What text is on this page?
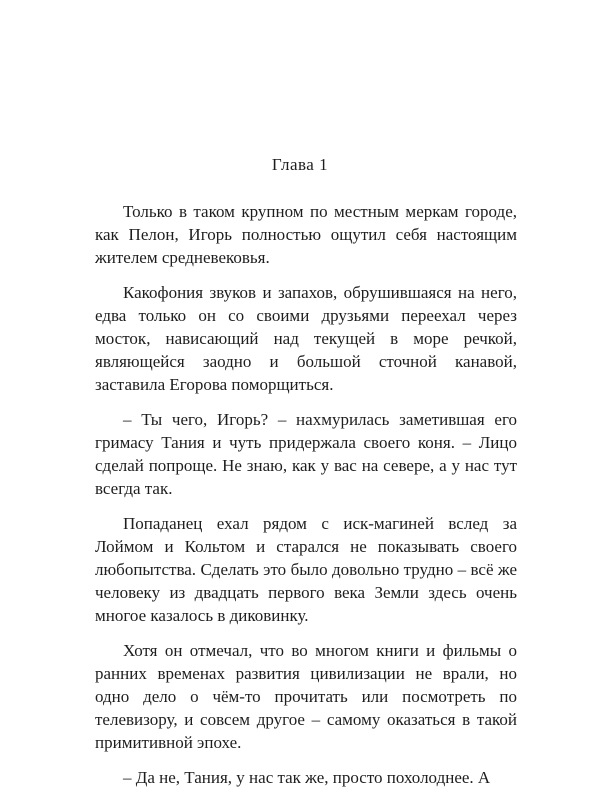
Глава 1

Только в таком крупном по местным меркам городе, как Пелон, Игорь полностью ощутил себя настоящим жителем средневековья.

Какофония звуков и запахов, обрушившаяся на него, едва только он со своими друзьями переехал через мосток, нависающий над текущей в море речкой, являющейся заодно и большой сточной канавой, заставила Егорова поморщиться.

– Ты чего, Игорь? – нахмурилась заметившая его гримасу Тания и чуть придержала своего коня. – Лицо сделай попроще. Не знаю, как у вас на севере, а у нас тут всегда так.

Попаданец ехал рядом с иск-магиней вслед за Лоймом и Кольтом и старался не показывать своего любопытства. Сделать это было довольно трудно – всё же человеку из двадцать первого века Земли здесь очень многое казалось в диковинку.

Хотя он отмечал, что во многом книги и фильмы о ранних временах развития цивилизации не врали, но одно дело о чём-то прочитать или посмотреть по телевизору, и совсем другое – самому оказаться в такой примитивной эпохе.

– Да не, Тания, у нас так же, просто похолоднее. А
